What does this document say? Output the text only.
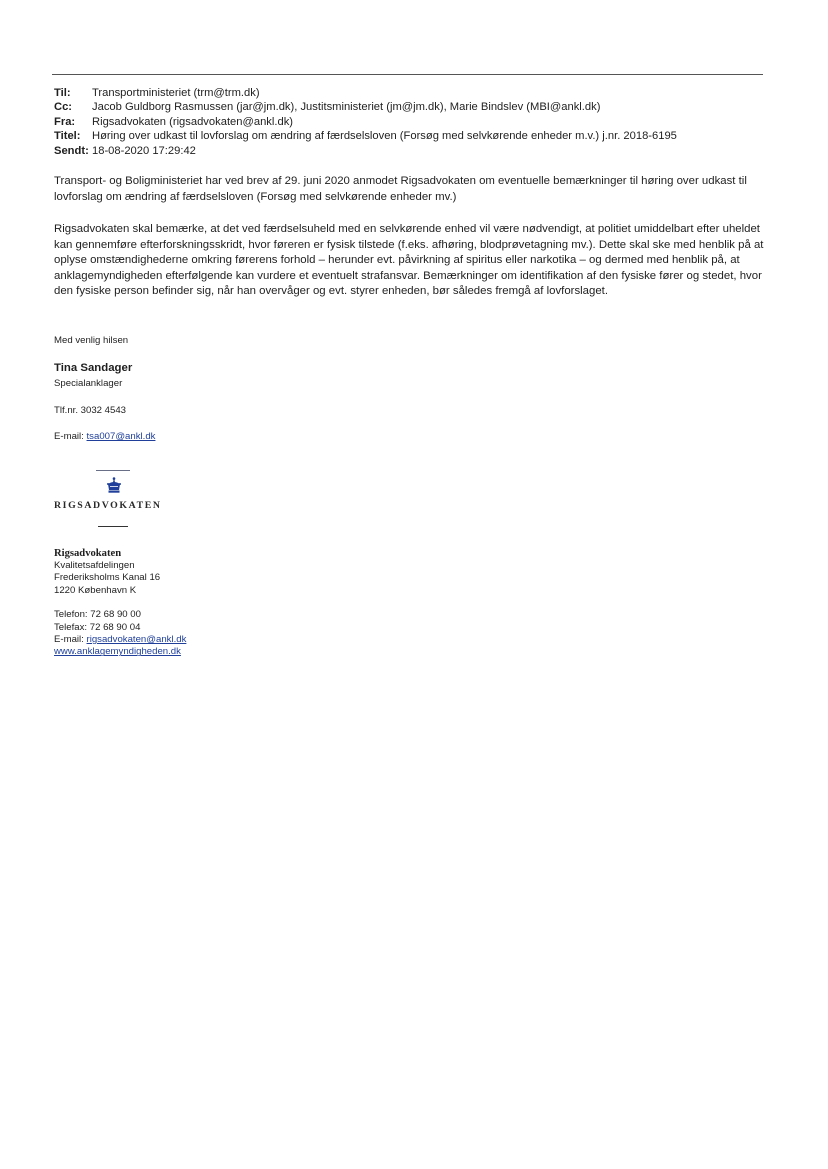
Til:	Transportministeriet (trm@trm.dk)
Cc:	Jacob Guldborg Rasmussen (jar@jm.dk), Justitsministeriet (jm@jm.dk), Marie Bindslev (MBI@ankl.dk)
Fra:	Rigsadvokaten (rigsadvokaten@ankl.dk)
Titel:	Høring over udkast til lovforslag om ændring af færdselsloven (Forsøg med selvkørende enheder m.v.) j.nr. 2018-6195
Sendt: 18-08-2020 17:29:42

Transport- og Boligministeriet har ved brev af 29. juni 2020 anmodet Rigsadvokaten om eventuelle bemærkninger til høring over udkast til lovforslag om ændring af færdselsloven (Forsøg med selvkørende enheder mv.)

Rigsadvokaten skal bemærke, at det ved færdselsuheld med en selvkørende enhed vil være nødvendigt, at politiet umiddelbart efter uheldet kan gennemføre efterforskningsskridt, hvor føreren er fysisk tilstede (f.eks. afhøring, blodprøvetagning mv.). Dette skal ske med henblik på at oplyse omstændighederne omkring førerens forhold – herunder evt. påvirkning af spiritus eller narkotika – og dermed med henblik på, at anklagemyndigheden efterfølgende kan vurdere et eventuelt strafansvar. Bemærkninger om identifikation af den fysiske fører og stedet, hvor den fysiske person befinder sig, når han overvåger og evt. styrer enheden, bør således fremgå af lovforslaget.

Med venlig hilsen

Tina Sandager

Specialanklager

Tlf.nr. 3032 4543

E-mail: tsa007@ankl.dk

RIGSADVOKATEN
Rigsadvokaten
Kvalitetsafdelingen
Frederiksholms Kanal 16
1220 København K
Telefon: 72 68 90 00
Telefax: 72 68 90 04
E-mail: rigsadvokaten@ankl.dk
www.anklagemyndigheden.dk
